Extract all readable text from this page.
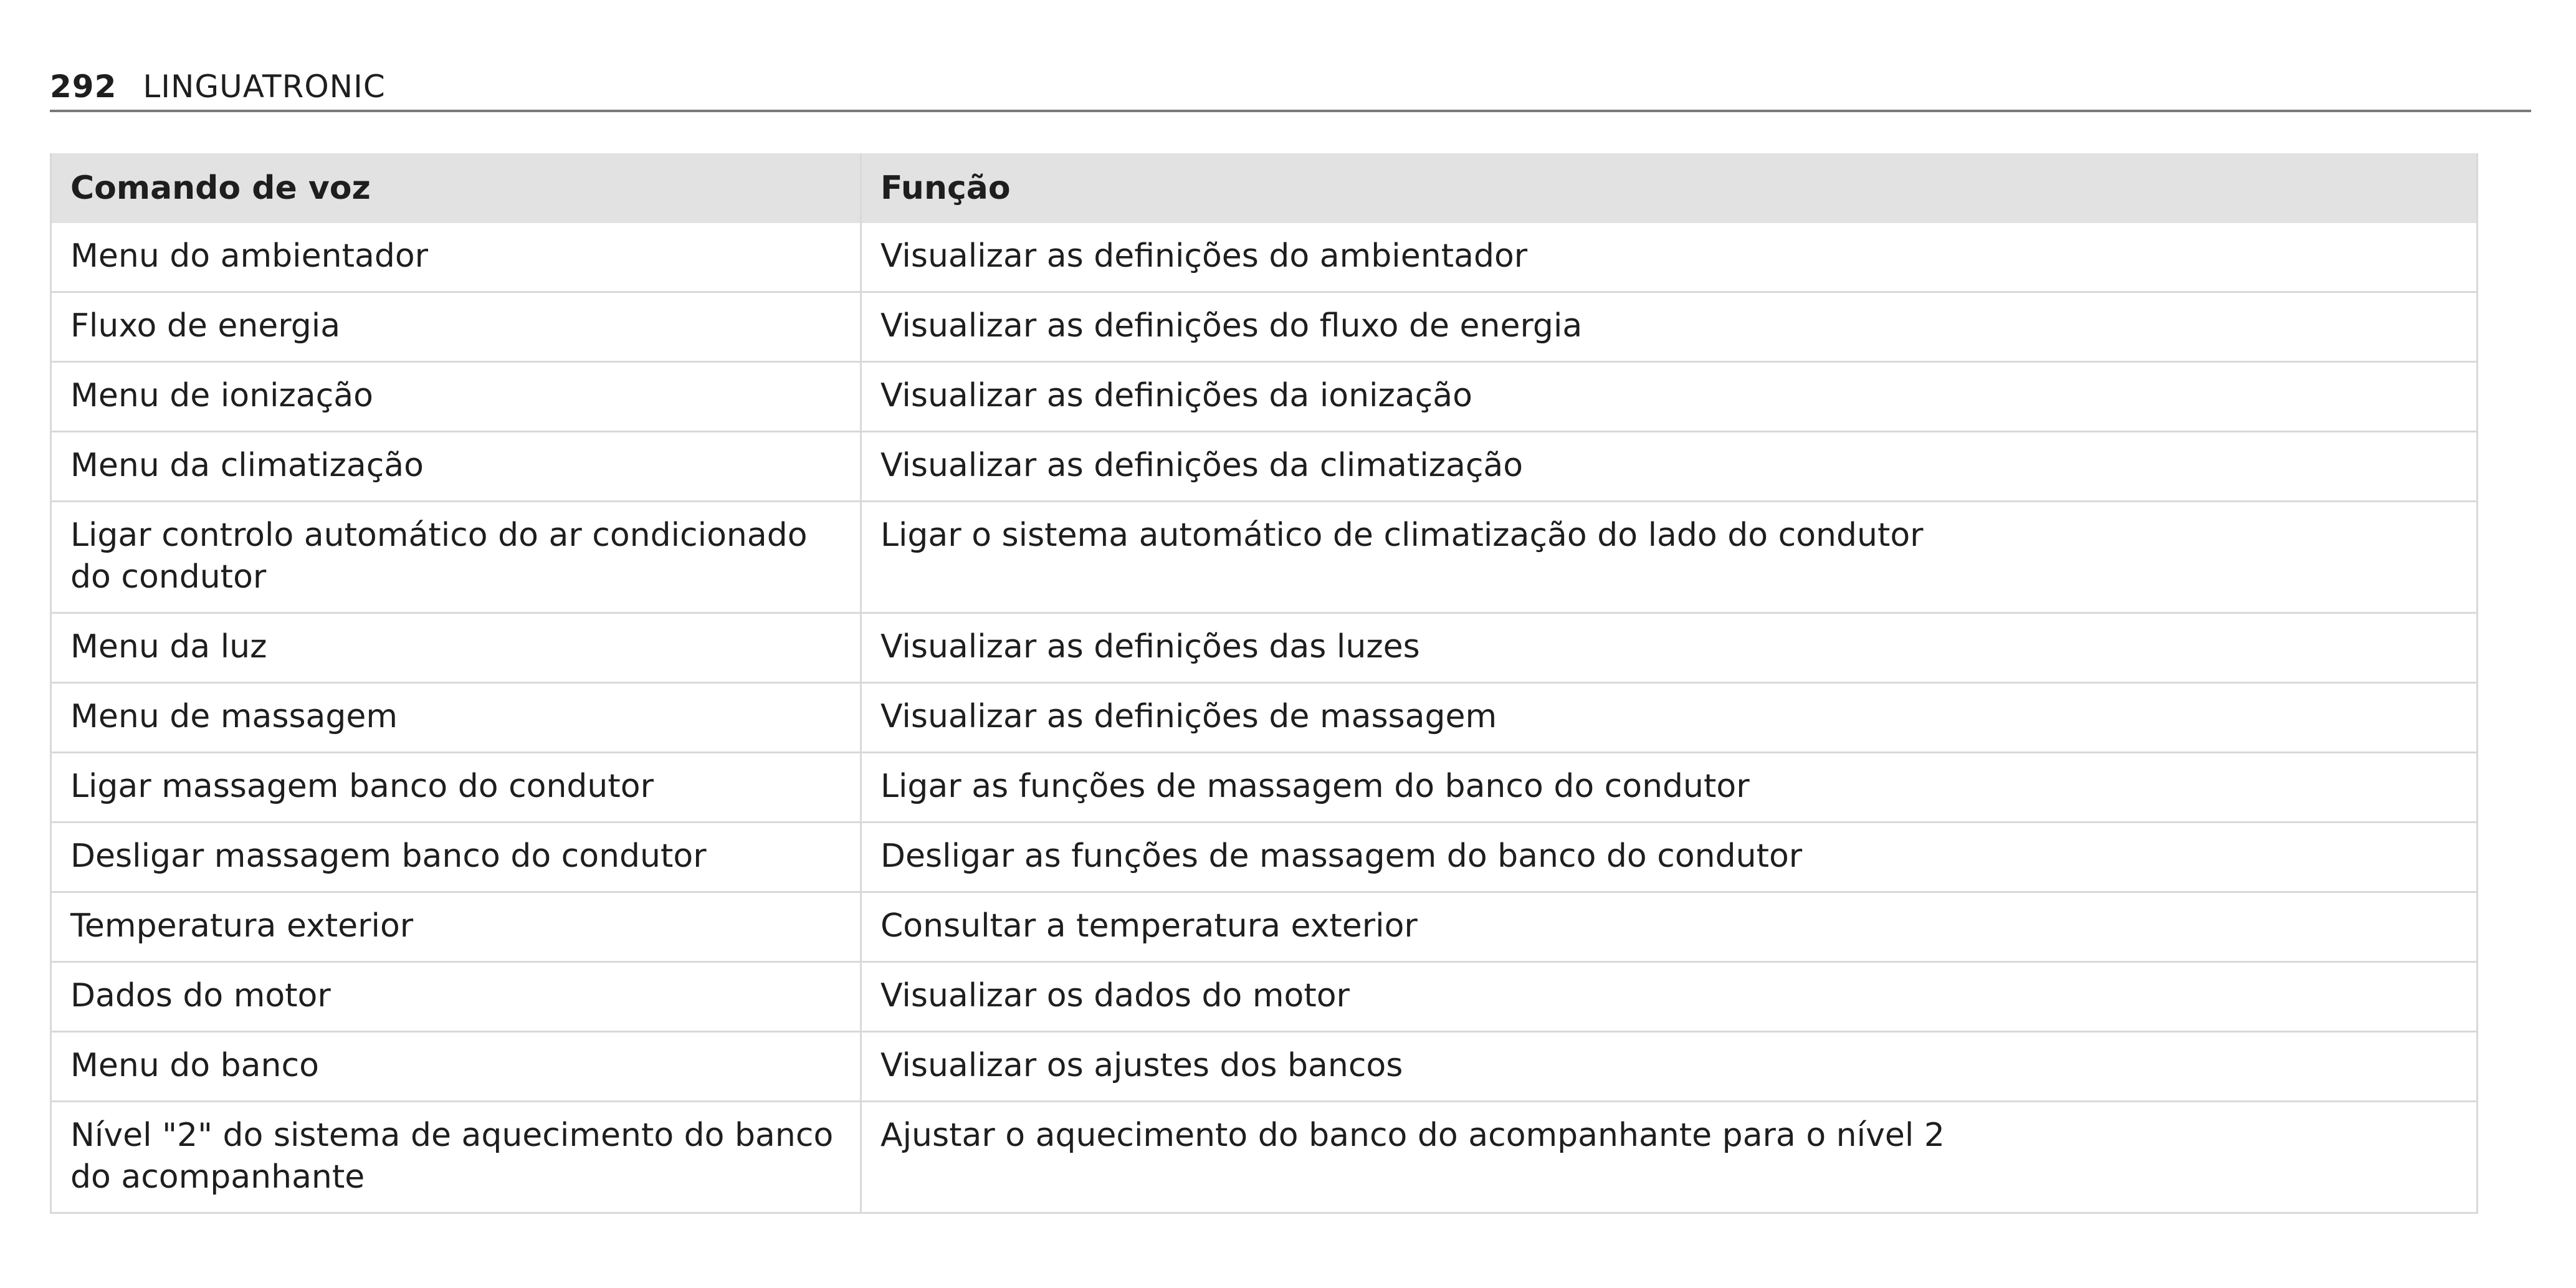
292 LINGUATRONIC
Comando de voz	Função
Menu do ambientador	Visualizar as definições do ambientador
Fluxo de energia	Visualizar as definições do fluxo de energia
Menu de ionização	Visualizar as definições da ionização
Menu da climatização	Visualizar as definições da climatização
Ligar controlo automático do ar condicionado do condutor	Ligar o sistema automático de climatização do lado do condutor
Menu da luz	Visualizar as definições das luzes
Menu de massagem	Visualizar as definições de massagem
Ligar massagem banco do condutor	Ligar as funções de massagem do banco do condutor
Desligar massagem banco do condutor	Desligar as funções de massagem do banco do condutor
Temperatura exterior	Consultar a temperatura exterior
Dados do motor	Visualizar os dados do motor
Menu do banco	Visualizar os ajustes dos bancos
Nível "2" do sistema de aquecimento do banco do acompanhante	Ajustar o aquecimento do banco do acompanhante para o nível 2
